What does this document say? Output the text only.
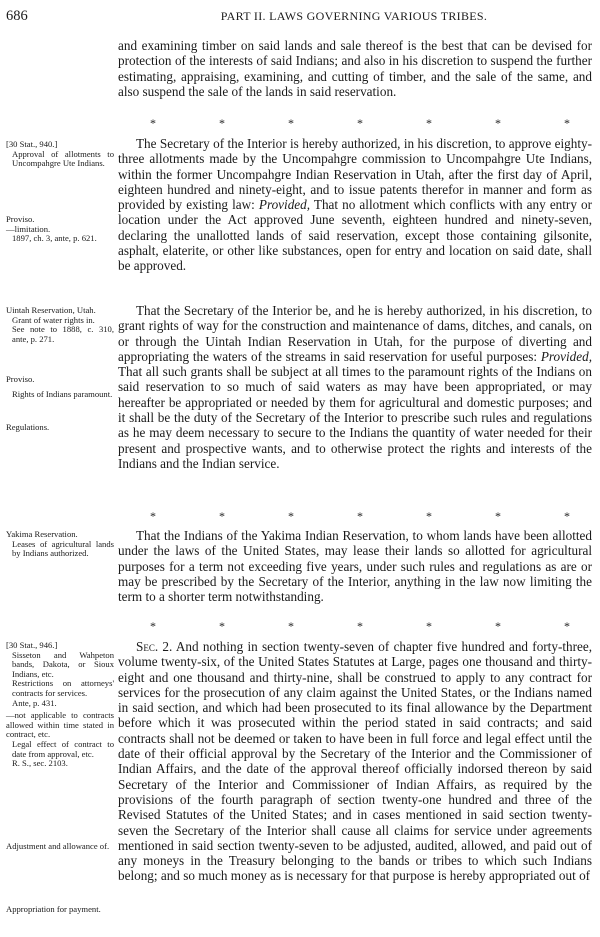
686	PART II. LAWS GOVERNING VARIOUS TRIBES.

and examining timber on said lands and sale thereof is the best that can be devised for protection of the interests of said Indians; and also in his discretion to suspend the further estimating, appraising, examining, and cutting of timber, and the sale of the same, and also suspend the sale of the lands in said reservation.

*	*	*	*	*	*	*

The Secretary of the Interior is hereby authorized, in his discretion, to approve eighty-three allotments made by the Uncompahgre commission to Uncompahgre Ute Indians, within the former Uncompahgre Indian Reservation in Utah, after the first day of April, eighteen hundred and ninety-eight, and to issue patents therefor in manner and form as provided by existing law: Provided, That no allotment which conflicts with any entry or location under the Act approved June seventh, eighteen hundred and ninety-seven, declaring the unallotted lands of said reservation, except those containing gilsonite, asphalt, elaterite, or other like substances, open for entry and location on said date, shall be approved.

That the Secretary of the Interior be, and he is hereby authorized, in his discretion, to grant rights of way for the construction and maintenance of dams, ditches, and canals, on or through the Uintah Indian Reservation in Utah, for the purpose of diverting and appropriating the waters of the streams in said reservation for useful purposes: Provided, That all such grants shall be subject at all times to the paramount rights of the Indians on said reservation to so much of said waters as may have been appropriated, or may hereafter be appropriated or needed by them for agricultural and domestic purposes; and it shall be the duty of the Secretary of the Interior to prescribe such rules and regulations as he may deem necessary to secure to the Indians the quantity of water needed for their present and prospective wants, and to otherwise protect the rights and interests of the Indians and the Indian service.

*	*	*	*	*	*	*

That the Indians of the Yakima Indian Reservation, to whom lands have been allotted under the laws of the United States, may lease their lands so allotted for agricultural purposes for a term not exceeding five years, under such rules and regulations as are or may be prescribed by the Secretary of the Interior, anything in the law now limiting the term to a shorter term notwithstanding.

*	*	*	*	*	*	*

Sec. 2. And nothing in section twenty-seven of chapter five hundred and forty-three, volume twenty-six, of the United States Statutes at Large, pages one thousand and thirty-eight and one thousand and thirty-nine, shall be construed to apply to any contract for services for the prosecution of any claim against the United States, or the Indians named in said section, and which had been prosecuted to its final allowance by the Department before which it was prosecuted within the period stated in said contracts; and said contracts shall not be deemed or taken to have been in full force and legal effect until the date of their official approval by the Secretary of the Interior and the Commissioner of Indian Affairs, and the date of the approval thereof officially indorsed thereon by said Secretary of the Interior and Commissioner of Indian Affairs, as required by the provisions of the fourth paragraph of section twenty-one hundred and three of the Revised Statutes of the United States; and in cases mentioned in said section twenty-seven the Secretary of the Interior shall cause all claims for service under agreements mentioned in said section twenty-seven to be adjusted, audited, allowed, and paid out of any moneys in the Treasury belonging to the bands or tribes to which such Indians belong; and so much money as is necessary for that purpose is hereby appropriated out of

[30 Stat., 940.]
Approval of allotments to Uncompahgre Ute Indians.
Proviso.
—limitation.
1897, ch. 3, ante, p. 621.
Uintah Reservation, Utah.
Grant of water rights in.
See note to 1888, c. 310, ante, p. 271.
Proviso.
Rights of Indians paramount.
Regulations.
Yakima Reservation.
Leases of agricultural lands by Indians authorized.
[30 Stat., 946.]
Sisseton and Wahpeton bands, Dakota, or Sioux Indians, etc.
Restrictions on attorneys' contracts for services.
Ante, p. 431.
—not applicable to contracts allowed within time stated in contract, etc.
Legal effect of contract to date from approval, etc.
R. S., sec. 2103.
Adjustment and allowance of.
Appropriation for payment.
